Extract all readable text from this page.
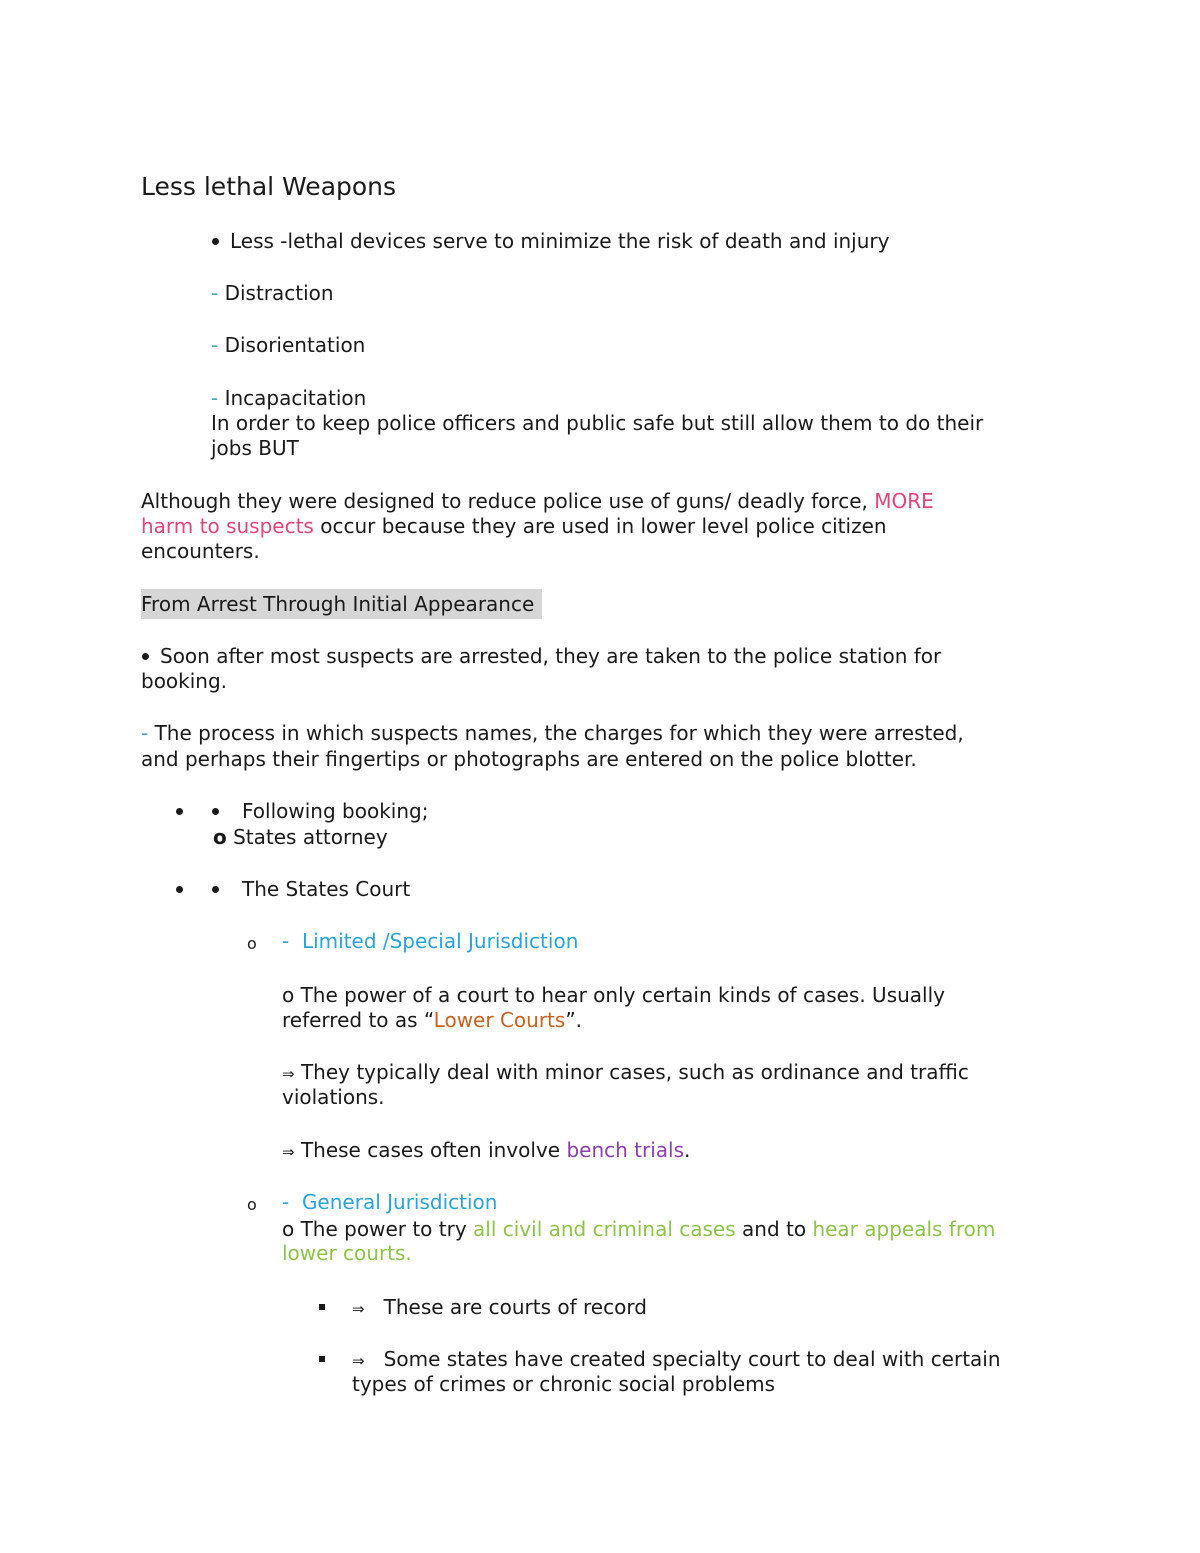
Less lethal Weapons
Less -lethal devices serve to minimize the risk of death and injury
- Distraction
- Disorientation
- Incapacitation
In order to keep police officers and public safe but still allow them to do their
jobs BUT
Although they were designed to reduce police use of guns/ deadly force, MORE
harm to suspects occur because they are used in lower level police citizen
encounters.
From Arrest Through Initial Appearance
Soon after most suspects are arrested, they are taken to the police station for
booking.
- The process in which suspects names, the charges for which they were arrested,
and perhaps their fingertips or photographs are entered on the police blotter.
Following booking;
o States attorney
The States Court
o - Limited /Special Jurisdiction
o The power of a court to hear only certain kinds of cases. Usually
referred to as “Lower Courts”.
⇒ They typically deal with minor cases, such as ordinance and traffic
violations.
⇒ These cases often involve bench trials.
o - General Jurisdiction
o The power to try all civil and criminal cases and to hear appeals from
lower courts.
⇒ These are courts of record
⇒ Some states have created specialty court to deal with certain
types of crimes or chronic social problems
